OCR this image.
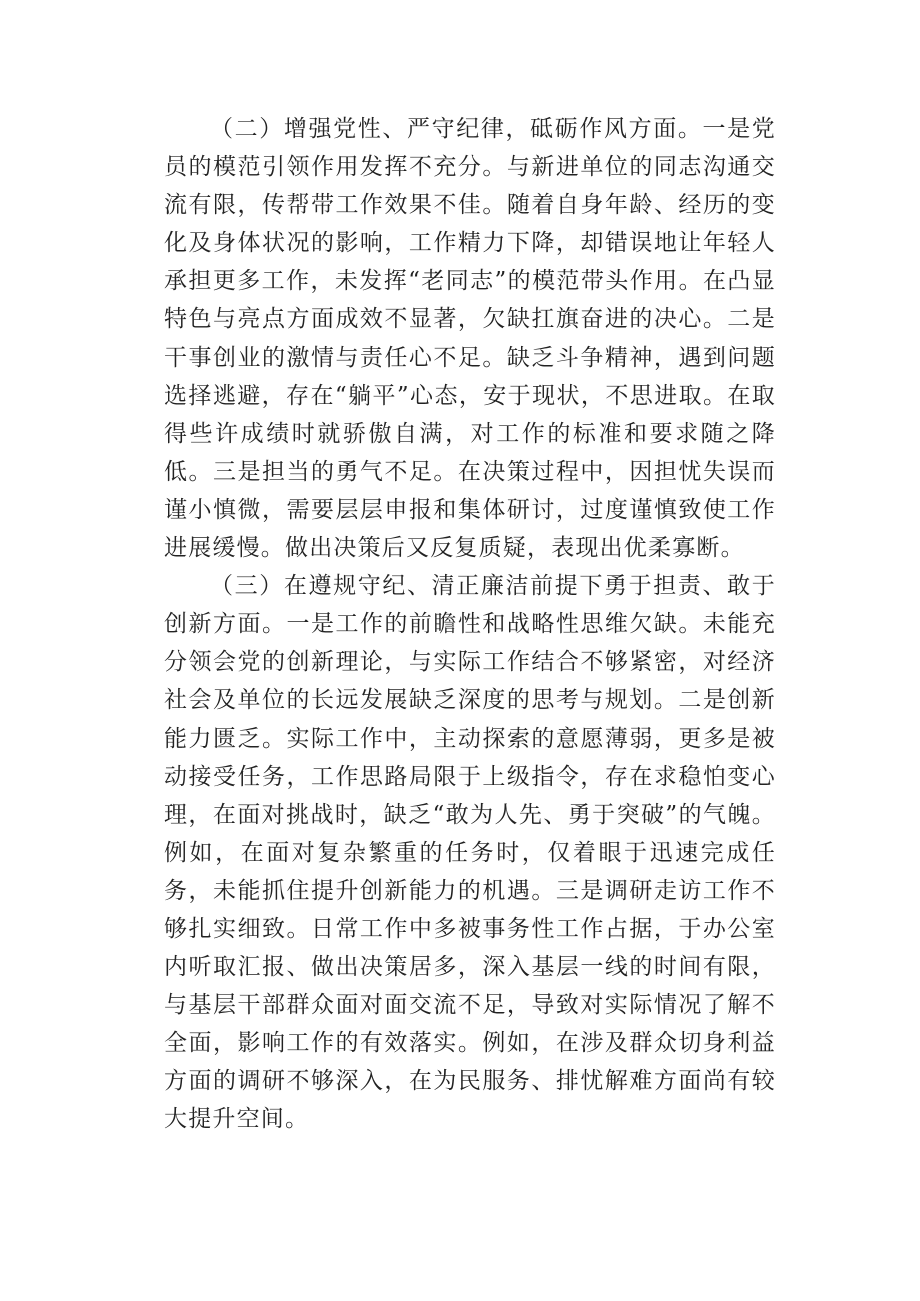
（二）增强党性、严守纪律，砥砺作风方面。一是党员的模范引领作用发挥不充分。与新进单位的同志沟通交流有限，传帮带工作效果不佳。随着自身年龄、经历的变化及身体状况的影响，工作精力下降，却错误地让年轻人承担更多工作，未发挥“老同志”的模范带头作用。在凸显特色与亮点方面成效不显著，欠缺扛旗奋进的决心。二是干事创业的激情与责任心不足。缺乏斗争精神，遇到问题选择逃避，存在“躺平”心态，安于现状，不思进取。在取得些许成绩时就骄傲自满，对工作的标准和要求随之降低。三是担当的勇气不足。在决策过程中，因担忧失误而谨小慎微，需要层层申报和集体研讨，过度谨慎致使工作进展缓慢。做出决策后又反复质疑，表现出优柔寡断。

（三）在遵规守纪、清正廉洁前提下勇于担责、敢于创新方面。一是工作的前瞻性和战略性思维欠缺。未能充分领会党的创新理论，与实际工作结合不够紧密，对经济社会及单位的长远发展缺乏深度的思考与规划。二是创新能力匮乏。实际工作中，主动探索的意愿薄弱，更多是被动接受任务，工作思路局限于上级指令，存在求稳怕变心理，在面对挑战时，缺乏“敢为人先、勇于突破”的气魄。例如，在面对复杂繁重的任务时，仅着眼于迅速完成任务，未能抓住提升创新能力的机遇。三是调研走访工作不够扎实细致。日常工作中多被事务性工作占据，于办公室内听取汇报、做出决策居多，深入基层一线的时间有限，与基层干部群众面对面交流不足，导致对实际情况了解不全面，影响工作的有效落实。例如，在涉及群众切身利益方面的调研不够深入，在为民服务、排忧解难方面尚有较大提升空间。
